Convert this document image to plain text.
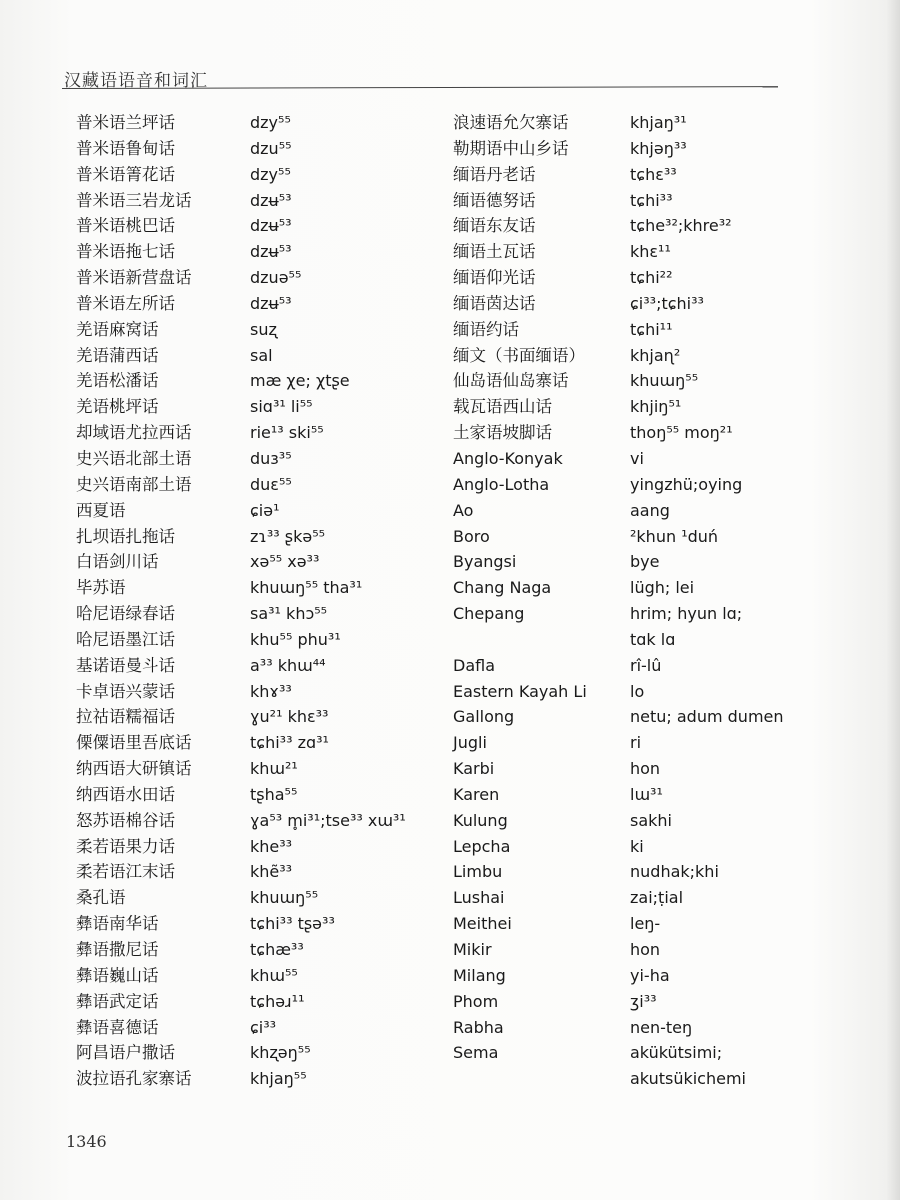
汉藏语语音和词汇
普米语兰坪话
普米语鲁甸话
普米语箐花话
普米语三岩龙话
普米语桃巴话
普米语拖七话
普米语新营盘话
普米语左所话
羌语麻窝话
羌语蒲西话
羌语松潘话
羌语桃坪话
却域语尤拉西话
史兴语北部土语
史兴语南部土语
西夏语
扎坝语扎拖话
白语剑川话
毕苏语
哈尼语绿春话
哈尼语墨江话
基诺语曼斗话
卡卓语兴蒙话
拉祜语糯福话
傈僳语里吾底话
纳西语大研镇话
纳西语水田话
怒苏语棉谷话
柔若语果力话
柔若语江末话
桑孔语
彝语南华话
彝语撒尼话
彝语巍山话
彝语武定话
彝语喜德话
阿昌语户撒话
波拉语孔家寨话
dzy⁵⁵
dzu⁵⁵
dzy⁵⁵
dzʉ⁵³
dzʉ⁵³
dzʉ⁵³
dzuə⁵⁵
dzʉ⁵³
suʐ
sal
mæ χe; χtʂe
siɑ³¹ li⁵⁵
rie¹³ ski⁵⁵
duɜ³⁵
duɛ⁵⁵
ɕiə¹
zɿ³³ ʂkə⁵⁵
xə⁵⁵ xə³³
khuɯŋ⁵⁵ tha³¹
sa³¹ khɔ⁵⁵
khu⁵⁵ phu³¹
a³³ khɯ⁴⁴
khɤ³³
ɣu²¹ khɛ³³
tɕhi³³ zɑ³¹
khɯ²¹
tʂha⁵⁵
ɣa⁵³ m̥i³¹;tse³³ xɯ³¹
khe³³
khẽ³³
khuɯŋ⁵⁵
tɕhi³³ tʂə³³
tɕhæ³³
khɯ⁵⁵
tɕhəɹ¹¹
ɕi³³
khʐəŋ⁵⁵
khjaŋ⁵⁵
浪速语允欠寨话
勒期语中山乡话
缅语丹老话
缅语德努话
缅语东友话
缅语土瓦话
缅语仰光话
缅语茵达话
缅语约话
缅文（书面缅语）
仙岛语仙岛寨话
载瓦语西山话
土家语坡脚话
Anglo-Konyak
Anglo-Lotha
Ao
Boro
Byangsi
Chang Naga
Chepang
Dafla
Eastern Kayah Li
Gallong
Jugli
Karbi
Karen
Kulung
Lepcha
Limbu
Lushai
Meithei
Mikir
Milang
Phom
Rabha
Sema
khjaŋ³¹
khjəŋ³³
tɕhɛ³³
tɕhi³³
tɕhe³²;khre³²
khɛ¹¹
tɕhi²²
ɕi³³;tɕhi³³
tɕhi¹¹
khjaɳ²
khuɯŋ⁵⁵
khjiŋ⁵¹
thoŋ⁵⁵ moŋ²¹
vi
yingzhü;oying
aang
²khun ¹duń
bye
lügh; lei
hrim; hyun lɑ;
tɑk lɑ
rî-lû
lo
netu; adum dumen
ri
hon
lɯ³¹
sakhi
ki
nudhak;khi
zai;ṭial
leŋ-
hon
yi-ha
ʒi³³
nen-teŋ
akükütsimi;
akutsükichemi
1346
